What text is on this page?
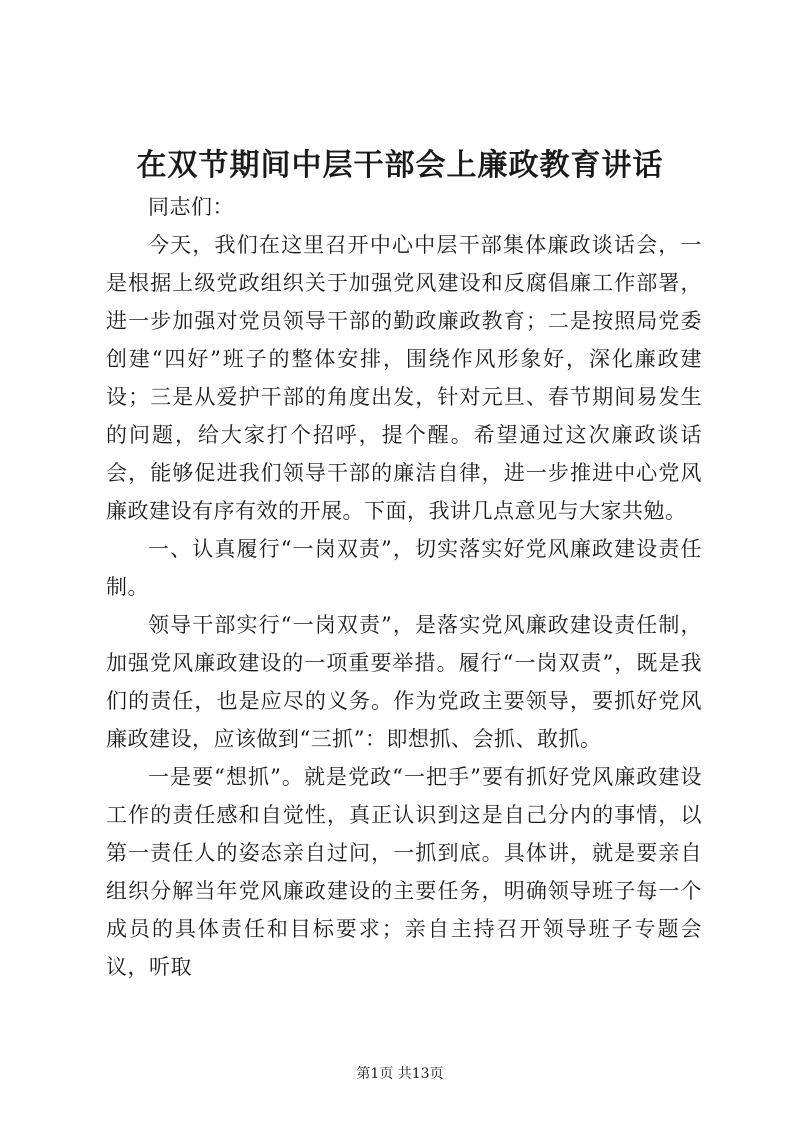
在双节期间中层干部会上廉政教育讲话

同志们：

今天，我们在这里召开中心中层干部集体廉政谈话会，一是根据上级党政组织关于加强党风建设和反腐倡廉工作部署，进一步加强对党员领导干部的勤政廉政教育；二是按照局党委创建“四好”班子的整体安排，围绕作风形象好，深化廉政建设；三是从爱护干部的角度出发，针对元旦、春节期间易发生的问题，给大家打个招呼，提个醒。希望通过这次廉政谈话会，能够促进我们领导干部的廉洁自律，进一步推进中心党风廉政建设有序有效的开展。下面，我讲几点意见与大家共勉。

一、认真履行“一岗双责”，切实落实好党风廉政建设责任制。

领导干部实行“一岗双责”，是落实党风廉政建设责任制，加强党风廉政建设的一项重要举措。履行“一岗双责”，既是我们的责任，也是应尽的义务。作为党政主要领导，要抓好党风廉政建设，应该做到“三抓”：即想抓、会抓、敢抓。

一是要“想抓”。就是党政“一把手”要有抓好党风廉政建设工作的责任感和自觉性，真正认识到这是自己分内的事情，以第一责任人的姿态亲自过问，一抓到底。具体讲，就是要亲自组织分解当年党风廉政建设的主要任务，明确领导班子每一个成员的具体责任和目标要求；亲自主持召开领导班子专题会议，听取

第1页 共13页
